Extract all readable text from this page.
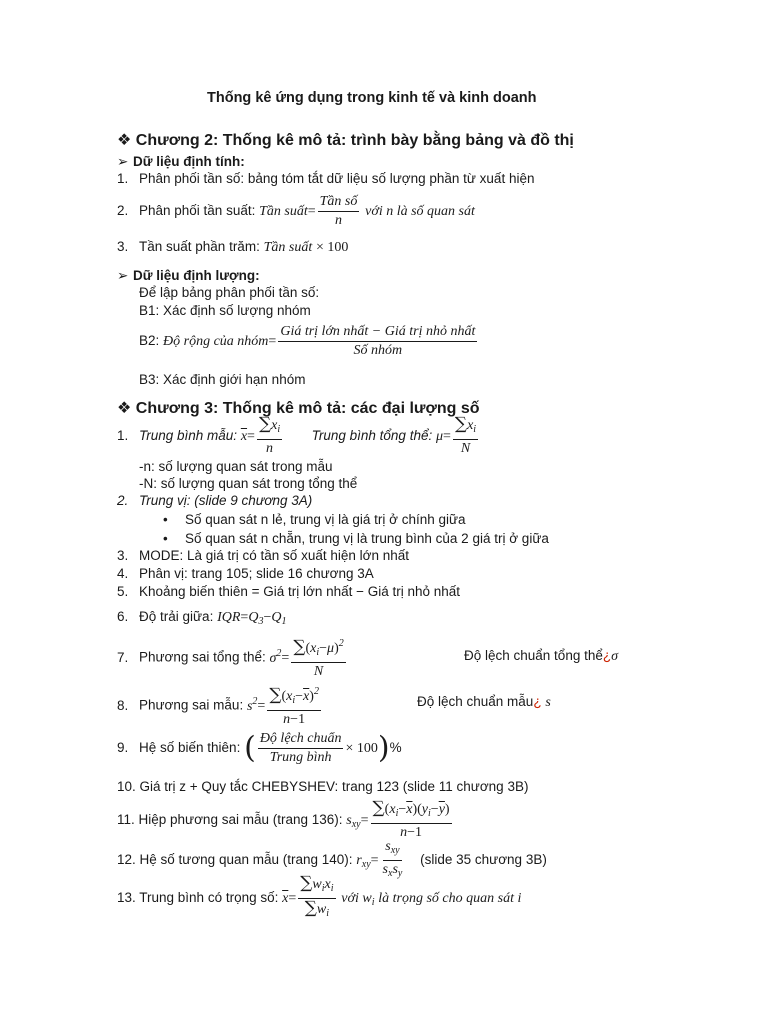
Thống kê ứng dụng trong kinh tế và kinh doanh
❖ Chương 2: Thống kê mô tả: trình bày bằng bảng và đồ thị
➢ Dữ liệu định tính:
1. Phân phối tần số: bảng tóm tắt dữ liệu số lượng phần từ xuất hiện
2. Phân phối tần suất: Tần suất= $\frac{\text{Tần số}}{n}$ với n là số quan sát
3. Tần suất phần trăm: Tần suất × 100
➢ Dữ liệu định lượng:
Để lập bảng phân phối tần số:
B1: Xác định số lượng nhóm
B2: Độ rộng của nhóm= $\frac{\text{Giá trị lớn nhất − Giá trị nhỏ nhất}}{\text{Số nhóm}}$
B3: Xác định giới hạn nhóm
❖ Chương 3: Thống kê mô tả: các đại lượng số
1. Trung bình mẫu: $\overline{x}= \frac{\sum x_i}{n}$ Trung bình tổng thể: $\mu= \frac{\sum x_i}{N}$
-n: số lượng quan sát trong mẫu
-N: số lượng quan sát trong tổng thể
2. Trung vị: (slide 9 chương 3A)
• Số quan sát n lẻ, trung vị là giá trị ở chính giữa
• Số quan sát n chẵn, trung vị là trung bình của 2 giá trị ở giữa
3. MODE: Là giá trị có tần số xuất hiện lớn nhất
4. Phân vị: trang 105; slide 16 chương 3A
5. Khoảng biến thiên = Giá trị lớn nhất − Giá trị nhỏ nhất
6. Độ trải giữa: $IQR=Q_3-Q_1$
7. Phương sai tổng thể: $\sigma^2= \frac{\sum(x_i-\mu)^2}{N}$	Độ lệch chuẩn tổng thể¿σ
8. Phương sai mẫu: $s^2= \frac{\sum(x_i-\overline{x})^2}{n-1}$	Độ lệch chuẩn mẫu¿ s
9. Hệ số biến thiên: ( $\frac{\text{Độ lệch chuẩn}}{\text{Trung bình}} \times 100)\%$
10. Giá trị z + Quy tắc CHEBYSHEV: trang 123 (slide 11 chương 3B)
11. Hiệp phương sai mẫu (trang 136): $s_{xy}= \frac{\sum(x_i-\overline{x})(y_i-\overline{y})}{n-1}$
12. Hệ số tương quan mẫu (trang 140): $r_{xy}= \frac{s_{xy}}{s_xs_y}$ (slide 35 chương 3B)
13. Trung bình có trọng số: $\overline{x}= \frac{\sum w_ix_i}{\sum w_i}$ với $w_i$ là trọng số cho quan sát i
